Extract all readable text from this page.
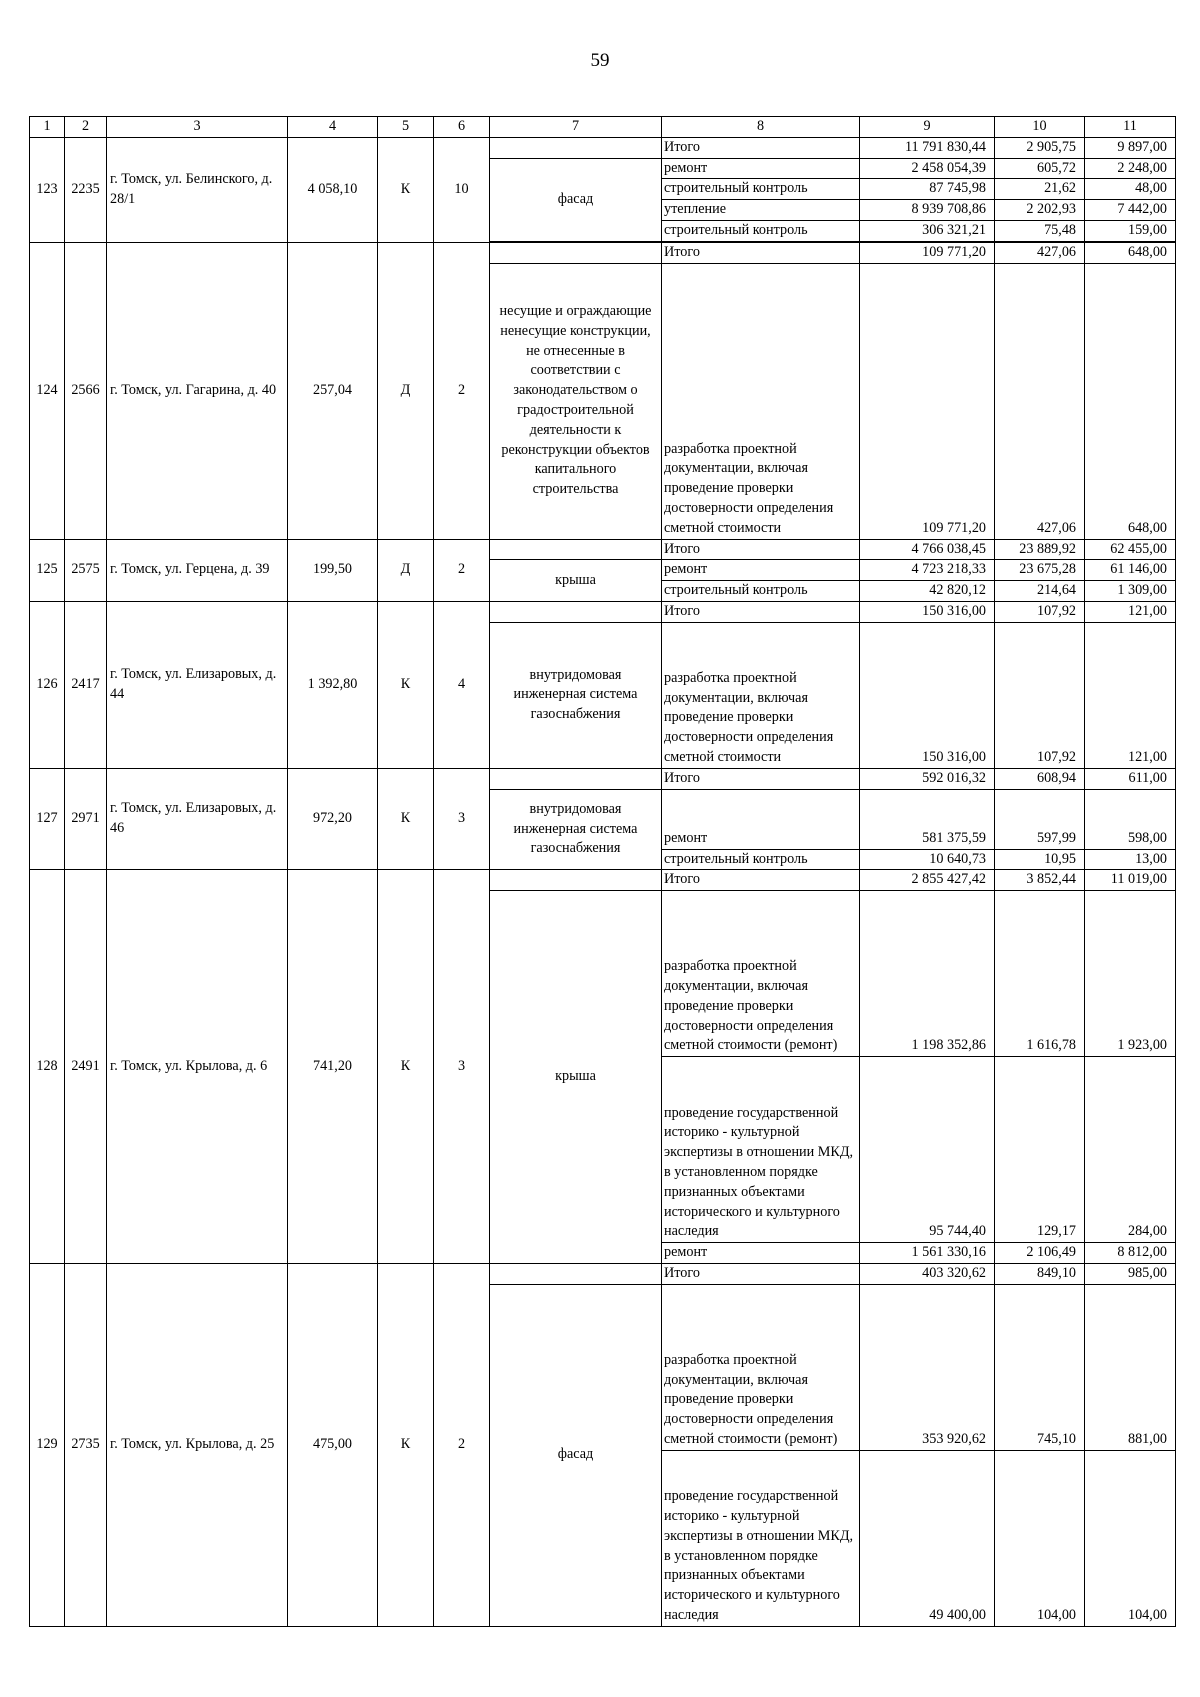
59
1	2	3	4	5	6	7	8	9	10	11
123	2235	г. Томск, ул. Белинского, д. 28/1	4 058,10	К	10		Итого	11 791 830,44	2 905,75	9 897,00
						фасад	ремонт	2 458 054,39	605,72	2 248,00
							строительный контроль	87 745,98	21,62	48,00
							утепление	8 939 708,86	2 202,93	7 442,00
							строительный контроль	306 321,21	75,48	159,00

124	2566	г. Томск, ул. Гагарина, д. 40	257,04	Д	2		Итого	109 771,20	427,06	648,00
						несущие и ограждающие ненесущие конструкции, не отнесенные в соответствии с законодательством о градостроительной деятельности к реконструкции объектов капитального строительства	разработка проектной документации, включая проведение проверки достоверности определения сметной стоимости	109 771,20	427,06	648,00
125	2575	г. Томск, ул. Герцена, д. 39	199,50	Д	2		Итого	4 766 038,45	23 889,92	62 455,00
						крыша	ремонт	4 723 218,33	23 675,28	61 146,00
							строительный контроль	42 820,12	214,64	1 309,00
126	2417	г. Томск, ул. Елизаровых, д. 44	1 392,80	К	4		Итого	150 316,00	107,92	121,00
						внутридомовая инженерная система газоснабжения	разработка проектной документации, включая проведение проверки достоверности определения сметной стоимости	150 316,00	107,92	121,00
127	2971	г. Томск, ул. Елизаровых, д. 46	972,20	К	3		Итого	592 016,32	608,94	611,00
						внутридомовая инженерная система газоснабжения	ремонт	581 375,59	597,99	598,00
							строительный контроль	10 640,73	10,95	13,00
128	2491	г. Томск, ул. Крылова, д. 6	741,20	К	3		Итого	2 855 427,42	3 852,44	11 019,00
						крыша	разработка проектной документации, включая проведение проверки достоверности определения сметной стоимости (ремонт)	1 198 352,86	1 616,78	1 923,00
							проведение государственной историко - культурной экспертизы в отношении МКД, в установленном порядке признанных объектами исторического и культурного наследия	95 744,40	129,17	284,00
							ремонт	1 561 330,16	2 106,49	8 812,00
129	2735	г. Томск, ул. Крылова, д. 25	475,00	К	2		Итого	403 320,62	849,10	985,00
						фасад	разработка проектной документации, включая проведение проверки достоверности определения сметной стоимости (ремонт)	353 920,62	745,10	881,00
							проведение государственной историко - культурной экспертизы в отношении МКД, в установленном порядке признанных объектами исторического и культурного наследия	49 400,00	104,00	104,00
